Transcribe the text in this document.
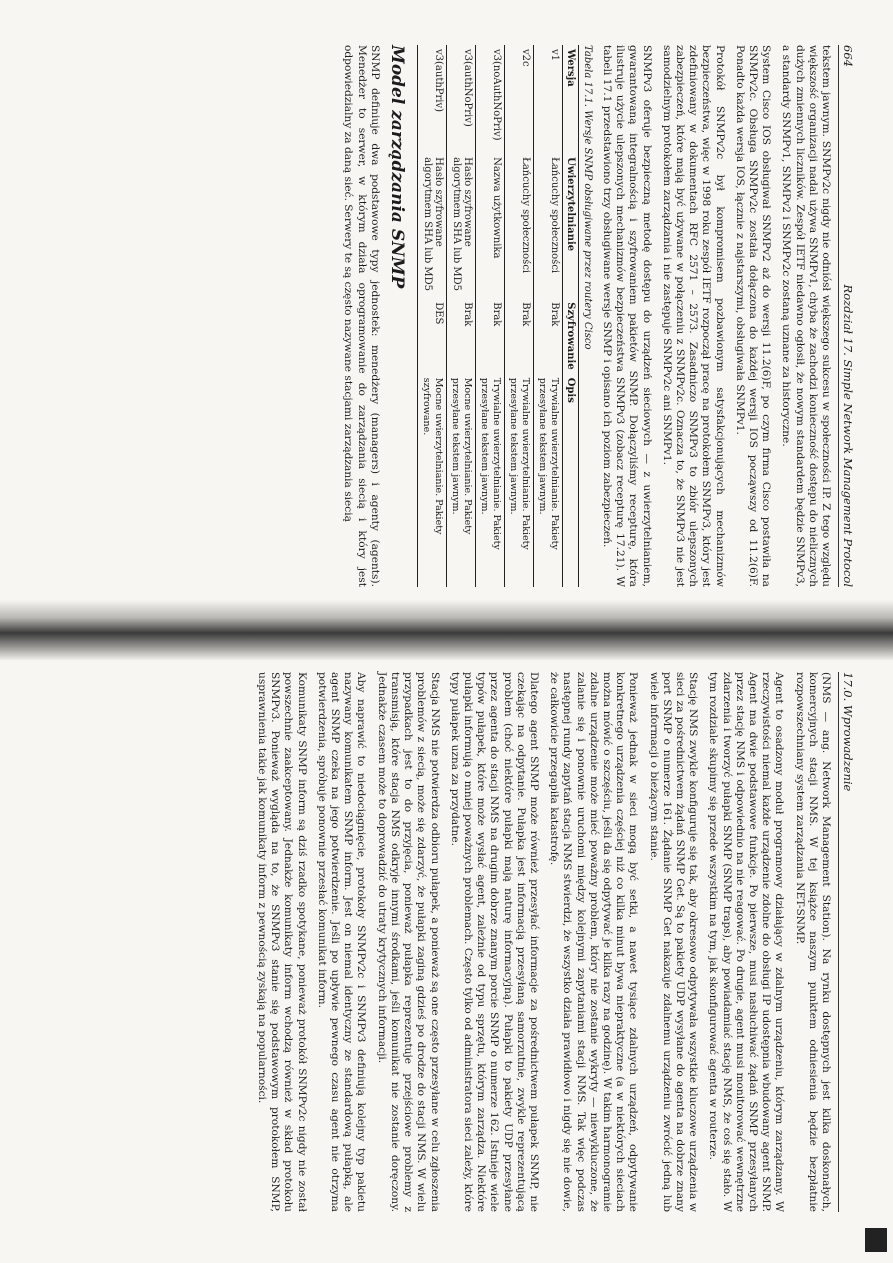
664
Rozdział 17. Simple Network Management Protocol

tekstem jawnym. SNMPv2c nigdy nie odniósł większego sukcesu w społeczności IP. Z tego względu większość organizacji nadal używa SNMPv1, chyba że zachodzi konieczność dostępu do nielicznych dużych zmiennych liczników. Zespół IETF niedawno ogłosił, że nowym standardem będzie SNMPv3, a standardy SNMPv1, SNMPv2 i SNMPv2c zostaną uznane za historyczne.

System Cisco IOS obsługiwał SNMPv2 aż do wersji 11.2(6)F, po czym firma Cisco postawiła na SNMPv2c. Obsługa SNMPv2c została dołączona do każdej wersji IOS począwszy od 11.2(6)F. Ponadto każda wersja IOS, łącznie z najstarszymi, obsługiwała SNMPv1.

Protokół SNMPv2c był kompromisem pozbawionym satysfakcjonujących mechanizmów bezpieczeństwa, więc w 1998 roku zespół IETF rozpoczął pracę na protokołem SNMPv3, który jest zdefiniowany w dokumentach RFC 2571 – 2573. Zasadniczo SNMPv3 to zbiór ulepszonych zabezpieczeń, które mają być używane w połączeniu z SNMPv2c. Oznacza to, że SNMPv3 nie jest samodzielnym protokołem zarządzania i nie zastępuje SNMPv2c ani SNMPv1.

SNMPv3 oferuje bezpieczną metodę dostępu do urządzeń sieciowych — z uwierzytelnianiem, gwarantowaną integralnością i szyfrowaniem pakietów SNMP. Dołączyliśmy recepturę, która ilustruje użycie ulepszonych mechanizmów bezpieczeństwa SNMPv3 (zobacz recepturę 17.21). W tabeli 17.1 przedstawiono trzy obsługiwane wersje SNMP i opisano ich poziom zabezpieczeń.

Tabela 17.1. Wersje SNMP obsługiwane przez routery Cisco
Wersja	Uwierzytelnianie	Szyfrowanie	Opis
v1	Łańcuchy społeczności	Brak	Trywialne uwierzytelnianie. Pakiety przesyłane tekstem jawnym.
v2c	Łańcuchy społeczności	Brak	Trywialne uwierzytelnianie. Pakiety przesyłane tekstem jawnym.
v3(noAuthNoPriv)	Nazwa użytkownika	Brak	Trywialne uwierzytelnianie. Pakiety przesyłane tekstem jawnym.
v3(authNoPriv)	Hasło szyfrowane algorytmem SHA lub MD5	Brak	Mocne uwierzytelnianie. Pakiety przesyłane tekstem jawnym.
v3(authPriv)	Hasło szyfrowane algorytmem SHA lub MD5	DES	Mocne uwierzytelnianie. Pakiety szyfrowane.
Model zarządzania SNMP

SNMP definiuje dwa podstawowe typy jednostek: menedżery (managers) i agenty (agents). Menedżer to serwer, w którym działa oprogramowanie do zarządzania siecią i który jest odpowiedzialny za daną sieć. Serwery te są często nazywane stacjami zarządzania siecią

17.0. Wprowadzenie

(NMS — ang. Network Management Station). Na rynku dostępnych jest kilka doskonałych, komercyjnych stacji NMS. W tej książce naszym punktem odniesienia będzie bezpłatnie rozpowszechniany system zarządzania NET-SNMP.

Agent to osadzony moduł programowy działający w zdalnym urządzeniu, którym zarządzamy. W rzeczywistości niemal każde urządzenie zdolne do obsługi IP udostępnia wbudowany agent SNMP. Agent ma dwie podstawowe funkcje. Po pierwsze, musi nasłuchiwać żądań SNMP przesyłanych przez stację NMS i odpowiednio na nie reagować. Po drugie, agent musi monitorować wewnętrzne zdarzenia i tworzyć pułapki SNMP (SNMP traps), aby powiadamiać stację NMS, że coś się stało. W tym rozdziale skupimy się przede wszystkim na tym, jak skonfigurować agenta w routerze.

Stację NMS zwykle konfiguruje się tak, aby okresowo odpytywała wszystkie kluczowe urządzenia w sieci za pośrednictwem żądań SNMP Get. Są to pakiety UDP wysyłane do agenta na dobrze znany port SNMP o numerze 161. Żądanie SNMP Get nakazuje zdalnemu urządzeniu zwrócić jedną lub wiele informacji o bieżącym stanie.

Ponieważ jednak w sieci mogą być setki, a nawet tysiące zdalnych urządzeń, odpytywanie konkretnego urządzenia częściej niż co kilka minut bywa niepraktyczne (a w niektórych sieciach można mówić o szczęściu, jeśli da się odpytywać je kilka razy na godzinę). W takim harmonogramie zdalne urządzenie może mieć poważny problem, który nie zostanie wykryty — niewykluczone, że zalanie się i ponownie uruchomi między kolejnymi zapytaniami stacji NMS. Tak więc podczas następnej rundy zapytań stacja NMS stwierdzi, że wszystko działa prawidłowo i nigdy się nie dowie, że całkowicie przegapiła katastrofę.

Dlatego agent SNMP może również przesyłać informacje za pośrednictwem pułapek SNMP, nie czekając na odpytanie. Pułapka jest informacją przesyłaną samorzutnie, zwykle reprezentującą problem (choć niektóre pułapki mają naturę informacyjną). Pułapki to pakiety UDP przesyłane przez agenta do stacji NMS na drugim dobrze znanym porcie SNMP o numerze 162. Istnieje wiele typów pułapek, które może wysłać agent, zależnie od typu sprzętu, którym zarządza. Niektóre pułapki informują o mniej poważnych problemach. Często tylko od administratora sieci zależy, które typy pułapek uzna za przydatne.

Stacja NMS nie potwierdza odbioru pułapek, a ponieważ są one często przesyłane w celu zgłoszenia problemów z siecią, może się zdarzyć, że pułapki zaginą gdzieś po drodze do stacji NMS. W wielu przypadkach jest to do przyjęcia, ponieważ pułapka reprezentuje przejściowe problemy z transmisją, które stacja NMS odkryje innymi środkami, jeśli komunikat nie zostanie doręczony. Jednakże czasem może to doprowadzić do utraty krytycznych informacji.

Aby naprawić to niedociągnięcie, protokoły SNMPv2c i SNMPv3 definiują kolejny typ pakietu nazywany komunikatem SNMP inform. Jest on niemal identyczny ze standardową pułapką, ale agent SNMP czeka na jego potwierdzenie. Jeśli po upływie pewnego czasu agent nie otrzyma potwierdzenia, spróbuje ponownie przesłać komunikat inform.

Komunikaty SNMP inform są dziś rzadko spotykane, ponieważ protokół SNMPv2c nigdy nie został powszechnie zaakceptowany. Jednakże komunikaty inform wchodzą również w skład protokołu SNMPv3. Ponieważ wygląda na to, że SNMPv3 stanie się podstawowym protokołem SNMP, usprawnienia takie jak komunikaty inform z pewnością zyskają na popularności.
